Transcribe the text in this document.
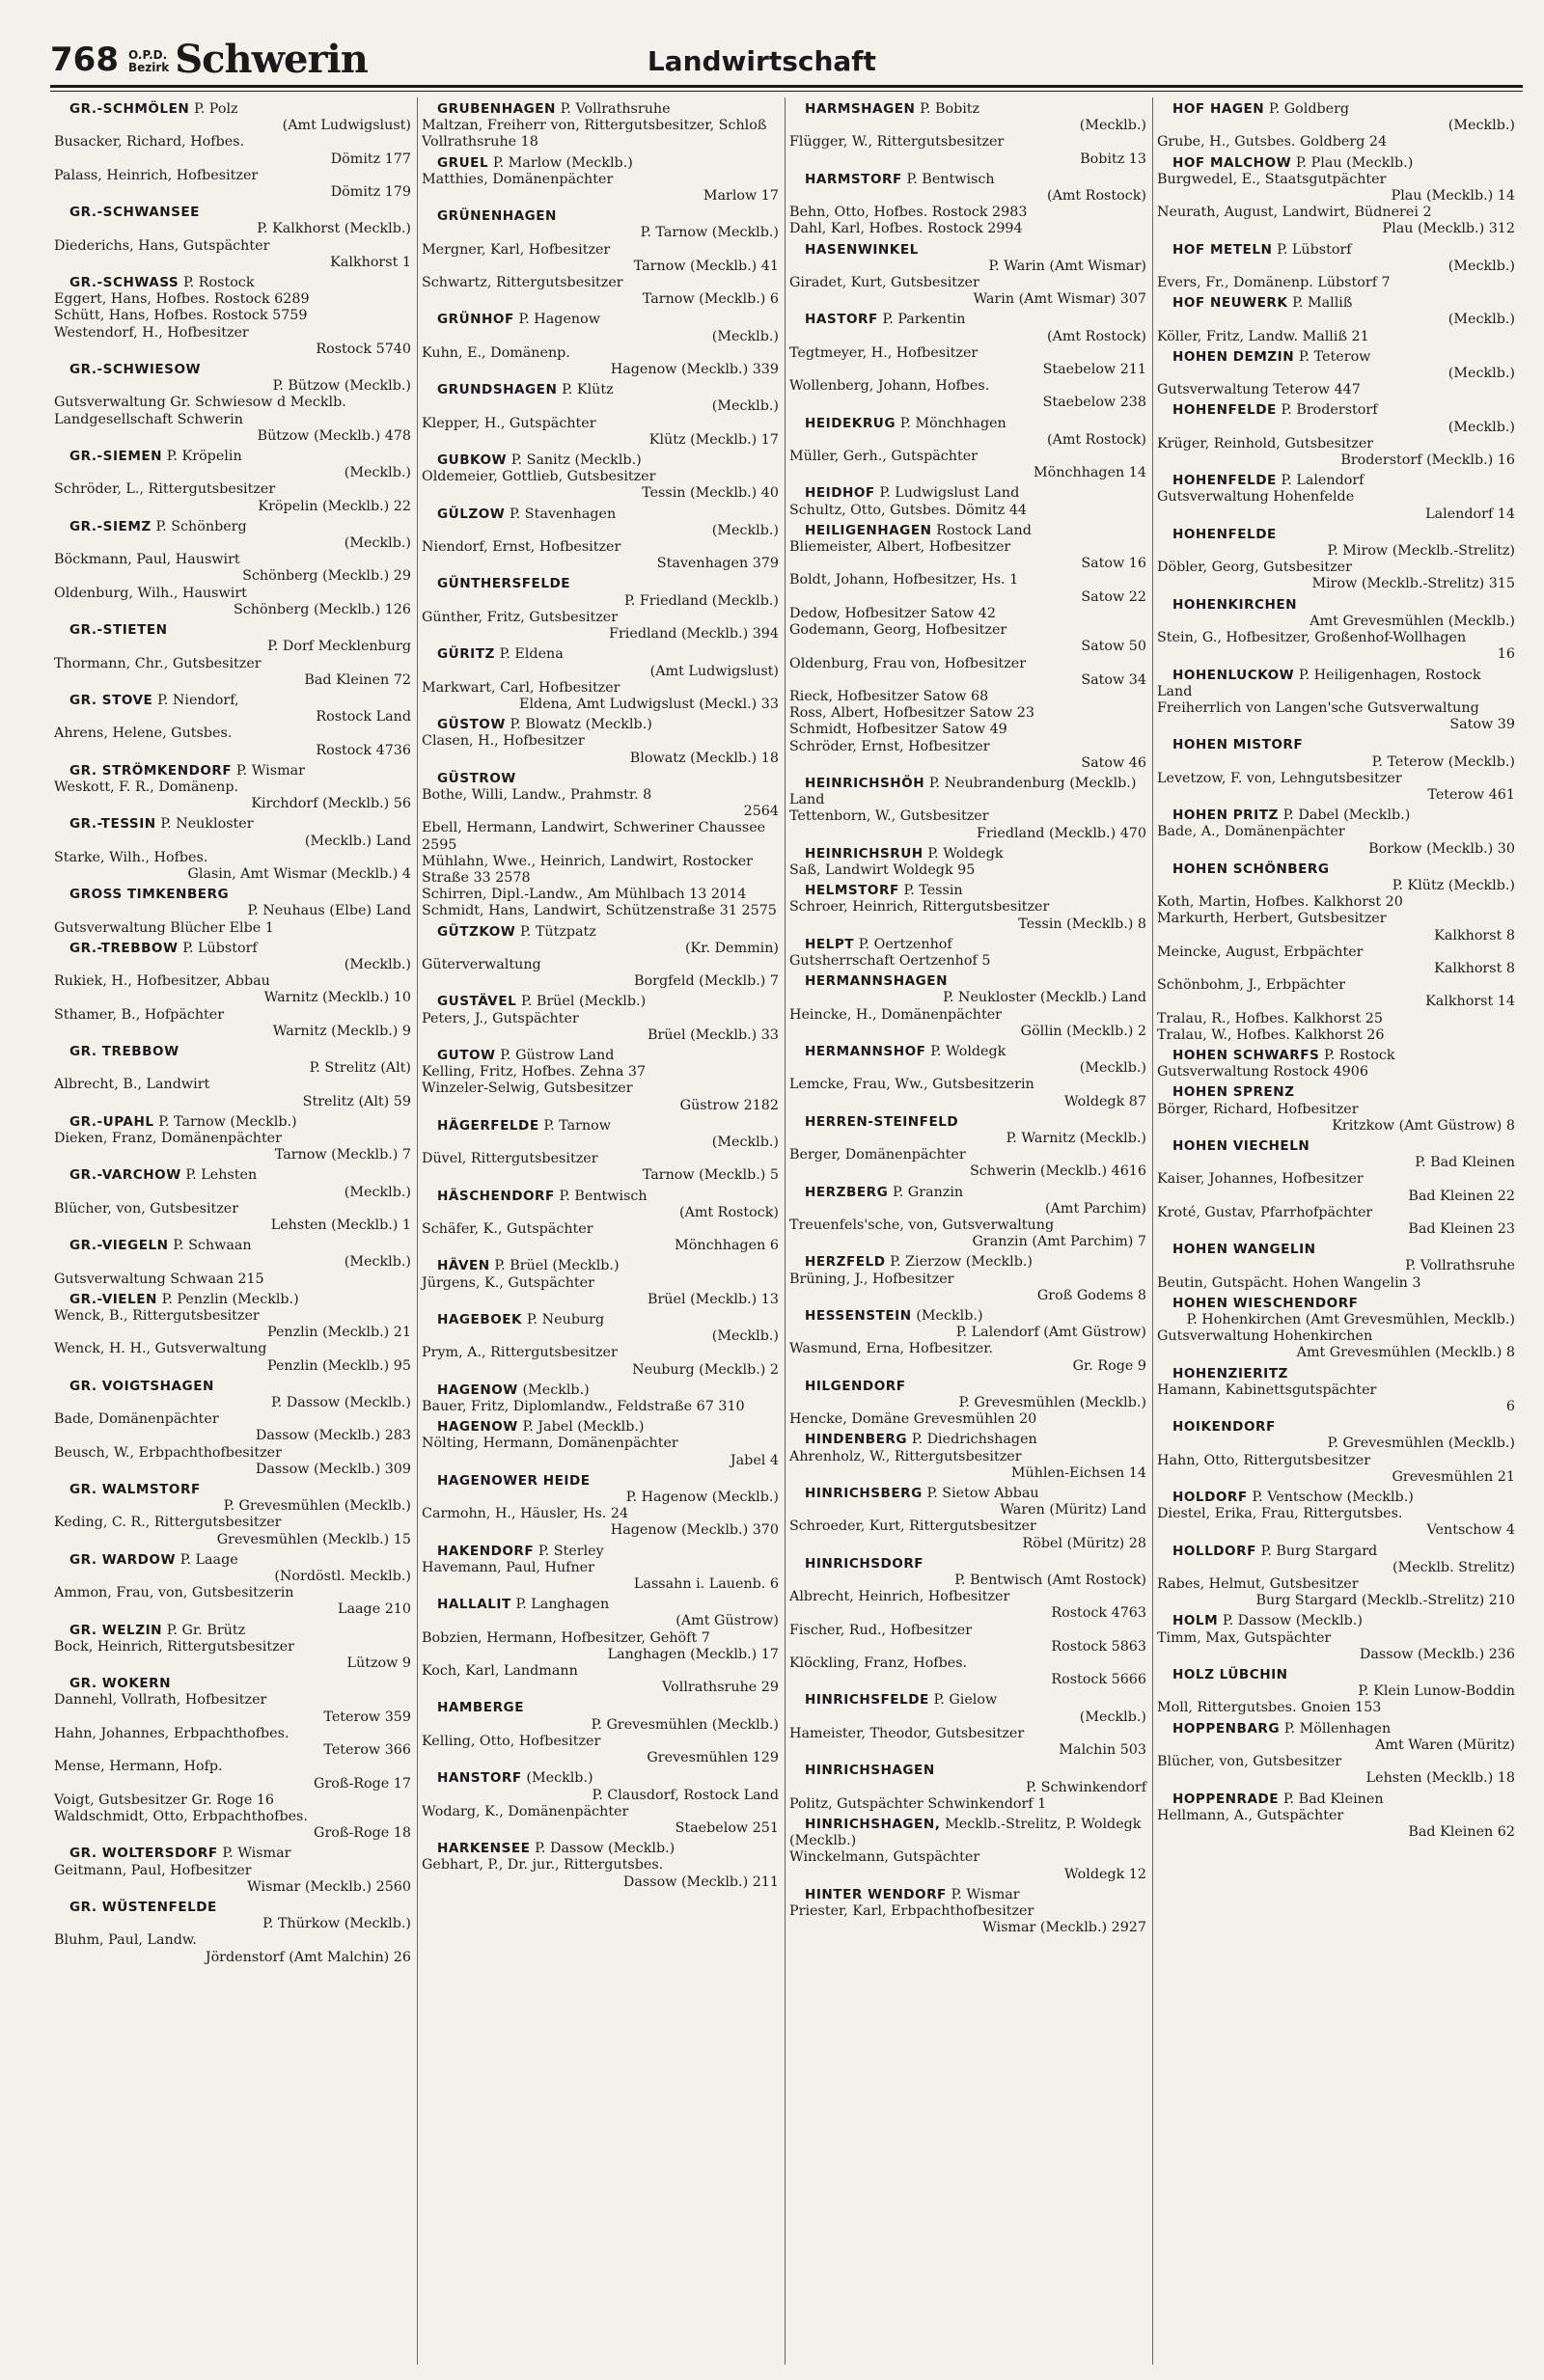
768 O.P.D.
Bezirk Schwerin	Landwirtschaft
GR.-SCHMÖLEN P. Polz
(Amt Ludwigslust)
Busacker, Richard, Hofbes.
Dömitz 177
Palass, Heinrich, Hofbesitzer
Dömitz 179
GR.-SCHWANSEE
P. Kalkhorst (Mecklb.)
Diederichs, Hans, Gutspächter
Kalkhorst 1
GR.-SCHWASS P. Rostock
Eggert, Hans, Hofbes. Rostock 6289
Schütt, Hans, Hofbes. Rostock 5759
Westendorf, H., Hofbesitzer
Rostock 5740
GR.-SCHWIESOW
P. Bützow (Mecklb.)
Gutsverwaltung Gr. Schwiesow d Mecklb. Landgesellschaft Schwerin
Bützow (Mecklb.) 478
GR.-SIEMEN P. Kröpelin
(Mecklb.)
Schröder, L., Rittergutsbesitzer
Kröpelin (Mecklb.) 22
GR.-SIEMZ P. Schönberg
(Mecklb.)
Böckmann, Paul, Hauswirt
Schönberg (Mecklb.) 29
Oldenburg, Wilh., Hauswirt
Schönberg (Mecklb.) 126
GR.-STIETEN
P. Dorf Mecklenburg
Thormann, Chr., Gutsbesitzer
Bad Kleinen 72
GR. STOVE P. Niendorf,
Rostock Land
Ahrens, Helene, Gutsbes.
Rostock 4736
GR. STRÖMKENDORF P. Wismar
Weskott, F. R., Domänenp.
Kirchdorf (Mecklb.) 56
GR.-TESSIN P. Neukloster
(Mecklb.) Land
Starke, Wilh., Hofbes.
Glasin, Amt Wismar (Mecklb.) 4
GROSS TIMKENBERG
P. Neuhaus (Elbe) Land
Gutsverwaltung Blücher Elbe 1
GR.-TREBBOW P. Lübstorf
(Mecklb.)
Rukiek, H., Hofbesitzer, Abbau
Warnitz (Mecklb.) 10
Sthamer, B., Hofpächter
Warnitz (Mecklb.) 9
GR. TREBBOW
P. Strelitz (Alt)
Albrecht, B., Landwirt
Strelitz (Alt) 59
GR.-UPAHL P. Tarnow (Mecklb.)
Dieken, Franz, Domänenpächter
Tarnow (Mecklb.) 7
GR.-VARCHOW P. Lehsten
(Mecklb.)
Blücher, von, Gutsbesitzer
Lehsten (Mecklb.) 1
GR.-VIEGELN P. Schwaan
(Mecklb.)
Gutsverwaltung Schwaan 215
GR.-VIELEN P. Penzlin (Mecklb.)
Wenck, B., Rittergutsbesitzer
Penzlin (Mecklb.) 21
Wenck, H. H., Gutsverwaltung
Penzlin (Mecklb.) 95
GR. VOIGTSHAGEN
P. Dassow (Mecklb.)
Bade, Domänenpächter
Dassow (Mecklb.) 283
Beusch, W., Erbpachthofbesitzer
Dassow (Mecklb.) 309
GR. WALMSTORF
P. Grevesmühlen (Mecklb.)
Keding, C. R., Rittergutsbesitzer
Grevesmühlen (Mecklb.) 15
GR. WARDOW P. Laage
(Nordöstl. Mecklb.)
Ammon, Frau, von, Gutsbesitzerin
Laage 210
GR. WELZIN P. Gr. Brütz
Bock, Heinrich, Rittergutsbesitzer
Lützow 9
GR. WOKERN
Dannehl, Vollrath, Hofbesitzer
Teterow 359
Hahn, Johannes, Erbpachthofbes.
Teterow 366
Mense, Hermann, Hofp.
Groß-Roge 17
Voigt, Gutsbesitzer Gr. Roge 16
Waldschmidt, Otto, Erbpachthofbes.
Groß-Roge 18
GR. WOLTERSDORF P. Wismar
Geitmann, Paul, Hofbesitzer
Wismar (Mecklb.) 2560
GR. WÜSTENFELDE
P. Thürkow (Mecklb.)
Bluhm, Paul, Landw.
Jördenstorf (Amt Malchin) 26
GRUBENHAGEN P. Vollrathsruhe
Maltzan, Freiherr von, Rittergutsbesitzer, Schloß Vollrathsruhe 18
GRUEL P. Marlow (Mecklb.)
Matthies, Domänenpächter
Marlow 17
GRÜNENHAGEN
P. Tarnow (Mecklb.)
Mergner, Karl, Hofbesitzer
Tarnow (Mecklb.) 41
Schwartz, Rittergutsbesitzer
Tarnow (Mecklb.) 6
GRÜNHOF P. Hagenow
(Mecklb.)
Kuhn, E., Domänenp.
Hagenow (Mecklb.) 339
GRUNDSHAGEN P. Klütz
(Mecklb.)
Klepper, H., Gutspächter
Klütz (Mecklb.) 17
GUBKOW P. Sanitz (Mecklb.)
Oldemeier, Gottlieb, Gutsbesitzer
Tessin (Mecklb.) 40
GÜLZOW P. Stavenhagen
(Mecklb.)
Niendorf, Ernst, Hofbesitzer
Stavenhagen 379
GÜNTHERSFELDE
P. Friedland (Mecklb.)
Günther, Fritz, Gutsbesitzer
Friedland (Mecklb.) 394
GÜRITZ P. Eldena
(Amt Ludwigslust)
Markwart, Carl, Hofbesitzer
Eldena, Amt Ludwigslust (Meckl.) 33
GÜSTOW P. Blowatz (Mecklb.)
Clasen, H., Hofbesitzer
Blowatz (Mecklb.) 18
GÜSTROW
Bothe, Willi, Landw., Prahmstr. 8
2564
Ebell, Hermann, Landwirt, Schweriner Chaussee 2595
Mühlahn, Wwe., Heinrich, Landwirt, Rostocker Straße 33 2578
Schirren, Dipl.-Landw., Am Mühlbach 13 2014
Schmidt, Hans, Landwirt, Schützenstraße 31 2575
GÜTZKOW P. Tützpatz
(Kr. Demmin)
Güterverwaltung
Borgfeld (Mecklb.) 7
GUSTÄVEL P. Brüel (Mecklb.)
Peters, J., Gutspächter
Brüel (Mecklb.) 33
GUTOW P. Güstrow Land
Kelling, Fritz, Hofbes. Zehna 37
Winzeler-Selwig, Gutsbesitzer
Güstrow 2182
HÄGERFELDE P. Tarnow
(Mecklb.)
Düvel, Rittergutsbesitzer
Tarnow (Mecklb.) 5
HÄSCHENDORF P. Bentwisch
(Amt Rostock)
Schäfer, K., Gutspächter
Mönchhagen 6
HÄVEN P. Brüel (Mecklb.)
Jürgens, K., Gutspächter
Brüel (Mecklb.) 13
HAGEBOEK P. Neuburg
(Mecklb.)
Prym, A., Rittergutsbesitzer
Neuburg (Mecklb.) 2
HAGENOW (Mecklb.)
Bauer, Fritz, Diplomlandw., Feldstraße 67 310
HAGENOW P. Jabel (Mecklb.)
Nölting, Hermann, Domänenpächter
Jabel 4
HAGENOWER HEIDE
P. Hagenow (Mecklb.)
Carmohn, H., Häusler, Hs. 24
Hagenow (Mecklb.) 370
HAKENDORF P. Sterley
Havemann, Paul, Hufner
Lassahn i. Lauenb. 6
HALLALIT P. Langhagen
(Amt Güstrow)
Bobzien, Hermann, Hofbesitzer, Gehöft 7
Langhagen (Mecklb.) 17
Koch, Karl, Landmann
Vollrathsruhe 29
HAMBERGE
P. Grevesmühlen (Mecklb.)
Kelling, Otto, Hofbesitzer
Grevesmühlen 129
HANSTORF (Mecklb.)
P. Clausdorf, Rostock Land
Wodarg, K., Domänenpächter
Staebelow 251
HARKENSEE P. Dassow (Mecklb.)
Gebhart, P., Dr. jur., Rittergutsbes.
Dassow (Mecklb.) 211
HARMSHAGEN P. Bobitz
(Mecklb.)
Flügger, W., Rittergutsbesitzer
Bobitz 13
HARMSTORF P. Bentwisch
(Amt Rostock)
Behn, Otto, Hofbes. Rostock 2983
Dahl, Karl, Hofbes. Rostock 2994
HASENWINKEL
P. Warin (Amt Wismar)
Giradet, Kurt, Gutsbesitzer
Warin (Amt Wismar) 307
HASTORF P. Parkentin
(Amt Rostock)
Tegtmeyer, H., Hofbesitzer
Staebelow 211
Wollenberg, Johann, Hofbes.
Staebelow 238
HEIDEKRUG P. Mönchhagen
(Amt Rostock)
Müller, Gerh., Gutspächter
Mönchhagen 14
HEIDHOF P. Ludwigslust Land
Schultz, Otto, Gutsbes. Dömitz 44
HEILIGENHAGEN Rostock Land
Bliemeister, Albert, Hofbesitzer
Satow 16
Boldt, Johann, Hofbesitzer, Hs. 1
Satow 22
Dedow, Hofbesitzer Satow 42
Godemann, Georg, Hofbesitzer
Satow 50
Oldenburg, Frau von, Hofbesitzer
Satow 34
Rieck, Hofbesitzer Satow 68
Ross, Albert, Hofbesitzer Satow 23
Schmidt, Hofbesitzer Satow 49
Schröder, Ernst, Hofbesitzer
Satow 46
HEINRICHSHÖH P. Neubrandenburg (Mecklb.) Land
Tettenborn, W., Gutsbesitzer
Friedland (Mecklb.) 470
HEINRICHSRUH P. Woldegk
Saß, Landwirt Woldegk 95
HELMSTORF P. Tessin
Schroer, Heinrich, Rittergutsbesitzer
Tessin (Mecklb.) 8
HELPT P. Oertzenhof
Gutsherrschaft Oertzenhof 5
HERMANNSHAGEN
P. Neukloster (Mecklb.) Land
Heincke, H., Domänenpächter
Göllin (Mecklb.) 2
HERMANNSHOF P. Woldegk
(Mecklb.)
Lemcke, Frau, Ww., Gutsbesitzerin
Woldegk 87
HERREN-STEINFELD
P. Warnitz (Mecklb.)
Berger, Domänenpächter
Schwerin (Mecklb.) 4616
HERZBERG P. Granzin
(Amt Parchim)
Treuenfels'sche, von, Gutsverwaltung
Granzin (Amt Parchim) 7
HERZFELD P. Zierzow (Mecklb.)
Brüning, J., Hofbesitzer
Groß Godems 8
HESSENSTEIN (Mecklb.)
P. Lalendorf (Amt Güstrow)
Wasmund, Erna, Hofbesitzer.
Gr. Roge 9
HILGENDORF
P. Grevesmühlen (Mecklb.)
Hencke, Domäne Grevesmühlen 20
HINDENBERG P. Diedrichshagen
Ahrenholz, W., Rittergutsbesitzer
Mühlen-Eichsen 14
HINRICHSBERG P. Sietow Abbau
Waren (Müritz) Land
Schroeder, Kurt, Rittergutsbesitzer
Röbel (Müritz) 28
HINRICHSDORF
P. Bentwisch (Amt Rostock)
Albrecht, Heinrich, Hofbesitzer
Rostock 4763
Fischer, Rud., Hofbesitzer
Rostock 5863
Klöckling, Franz, Hofbes.
Rostock 5666
HINRICHSFELDE P. Gielow
(Mecklb.)
Hameister, Theodor, Gutsbesitzer
Malchin 503
HINRICHSHAGEN
P. Schwinkendorf
Politz, Gutspächter Schwinkendorf 1
HINRICHSHAGEN, Mecklb.-Strelitz, P. Woldegk (Mecklb.)
Winckelmann, Gutspächter
Woldegk 12
HINTER WENDORF P. Wismar
Priester, Karl, Erbpachthofbesitzer
Wismar (Mecklb.) 2927
HOF HAGEN P. Goldberg
(Mecklb.)
Grube, H., Gutsbes. Goldberg 24
HOF MALCHOW P. Plau (Mecklb.)
Burgwedel, E., Staatsgutpächter
Plau (Mecklb.) 14
Neurath, August, Landwirt, Büdnerei 2
Plau (Mecklb.) 312
HOF METELN P. Lübstorf
(Mecklb.)
Evers, Fr., Domänenp. Lübstorf 7
HOF NEUWERK P. Malliß
(Mecklb.)
Köller, Fritz, Landw. Malliß 21
HOHEN DEMZIN P. Teterow
(Mecklb.)
Gutsverwaltung Teterow 447
HOHENFELDE P. Broderstorf
(Mecklb.)
Krüger, Reinhold, Gutsbesitzer
Broderstorf (Mecklb.) 16
HOHENFELDE P. Lalendorf
Gutsverwaltung Hohenfelde
Lalendorf 14
HOHENFELDE
P. Mirow (Mecklb.-Strelitz)
Döbler, Georg, Gutsbesitzer
Mirow (Mecklb.-Strelitz) 315
HOHENKIRCHEN
Amt Grevesmühlen (Mecklb.)
Stein, G., Hofbesitzer, Großenhof-Wollhagen
16
HOHENLUCKOW P. Heiligenhagen, Rostock Land
Freiherrlich von Langen'sche Gutsverwaltung
Satow 39
HOHEN MISTORF
P. Teterow (Mecklb.)
Levetzow, F. von, Lehngutsbesitzer
Teterow 461
HOHEN PRITZ P. Dabel (Mecklb.)
Bade, A., Domänenpächter
Borkow (Mecklb.) 30
HOHEN SCHÖNBERG
P. Klütz (Mecklb.)
Koth, Martin, Hofbes. Kalkhorst 20
Markurth, Herbert, Gutsbesitzer
Kalkhorst 8
Meincke, August, Erbpächter
Kalkhorst 8
Schönbohm, J., Erbpächter
Kalkhorst 14
Tralau, R., Hofbes. Kalkhorst 25
Tralau, W., Hofbes. Kalkhorst 26
HOHEN SCHWARFS P. Rostock
Gutsverwaltung Rostock 4906
HOHEN SPRENZ
Börger, Richard, Hofbesitzer
Kritzkow (Amt Güstrow) 8
HOHEN VIECHELN
P. Bad Kleinen
Kaiser, Johannes, Hofbesitzer
Bad Kleinen 22
Kroté, Gustav, Pfarrhofpächter
Bad Kleinen 23
HOHEN WANGELIN
P. Vollrathsruhe
Beutin, Gutspächt. Hohen Wangelin 3
HOHEN WIESCHENDORF
P. Hohenkirchen (Amt Grevesmühlen, Mecklb.)
Gutsverwaltung Hohenkirchen
Amt Grevesmühlen (Mecklb.) 8
HOHENZIERITZ
Hamann, Kabinettsgutspächter
6
HOIKENDORF
P. Grevesmühlen (Mecklb.)
Hahn, Otto, Rittergutsbesitzer
Grevesmühlen 21
HOLDORF P. Ventschow (Mecklb.)
Diestel, Erika, Frau, Rittergutsbes.
Ventschow 4
HOLLDORF P. Burg Stargard
(Mecklb. Strelitz)
Rabes, Helmut, Gutsbesitzer
Burg Stargard (Mecklb.-Strelitz) 210
HOLM P. Dassow (Mecklb.)
Timm, Max, Gutspächter
Dassow (Mecklb.) 236
HOLZ LÜBCHIN
P. Klein Lunow-Boddin
Moll, Rittergutsbes. Gnoien 153
HOPPENBARG P. Möllenhagen
Amt Waren (Müritz)
Blücher, von, Gutsbesitzer
Lehsten (Mecklb.) 18
HOPPENRADE P. Bad Kleinen
Hellmann, A., Gutspächter
Bad Kleinen 62
